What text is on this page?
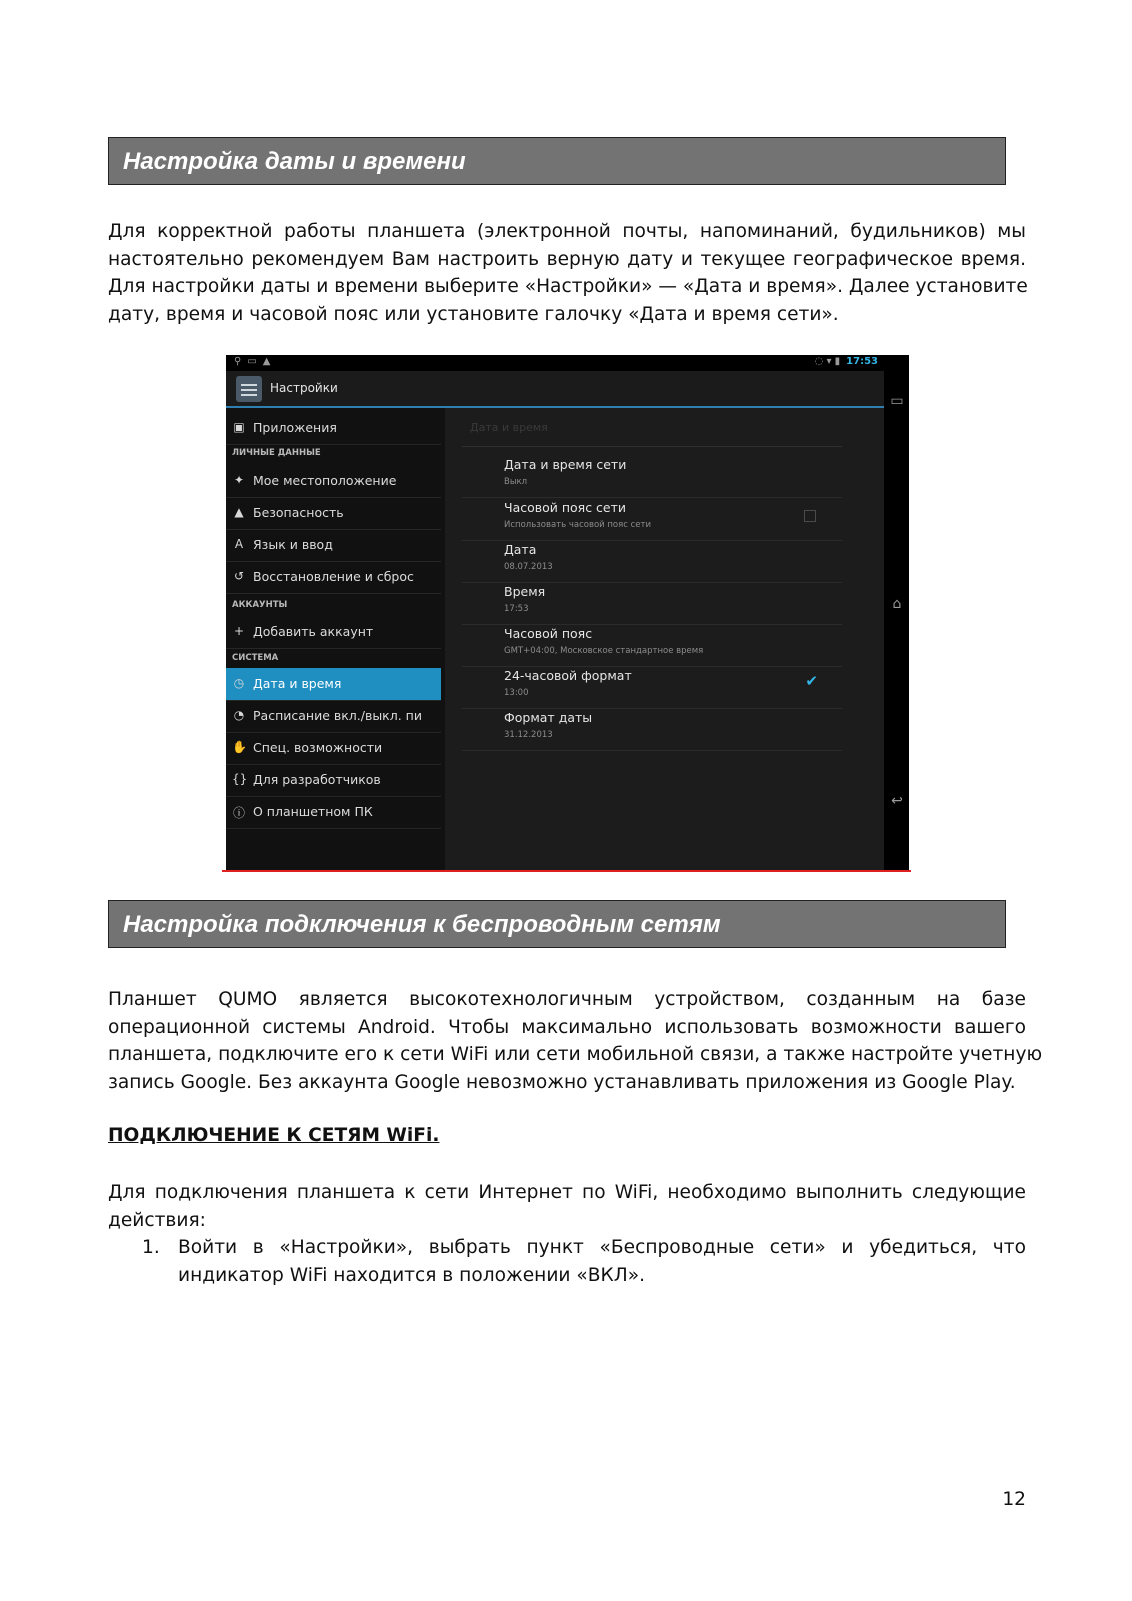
Настройка даты и времени
Для корректной работы планшета (электронной почты, напоминаний, будильников) мы
настоятельно рекомендуем Вам настроить верную дату и текущее географическое время.
Для настройки даты и времени выберите «Настройки» — «Дата и время». Далее установите
дату, время и часовой пояс или установите галочку «Дата и время сети».
⚲▭▲	◌ ▾ ▮ 17:53
Настройки
▣ Приложения
ЛИЧНЫЕ ДАННЫЕ
✦ Мое местоположение
▲ Безопасность
A Язык и ввод
↺ Восстановление и сброс
АККАУНТЫ
+ Добавить аккаунт
СИСТЕМА
◷ Дата и время
◔ Расписание вкл./выкл. пи
✋ Спец. возможности
{} Для разработчиков
ⓘ О планшетном ПК
Дата и время
Дата и время сети
Выкл
Часовой пояс сети
Использовать часовой пояс сети
Дата
08.07.2013
Время
17:53
Часовой пояс
GMT+04:00, Московское стандартное время
24-часовой формат
13:00
✔
Формат даты
31.12.2013
▭
⌂
↩
Настройка подключения к беспроводным сетям
Планшет QUMO является высокотехнологичным устройством, созданным на базе
операционной системы Android. Чтобы максимально использовать возможности вашего
планшета, подключите его к сети WiFi или сети мобильной связи, а также настройте учетную
запись Google. Без аккаунта Google невозможно устанавливать приложения из Google Play.
ПОДКЛЮЧЕНИЕ К СЕТЯМ WiFi.
Для подключения планшета к сети Интернет по WiFi, необходимо выполнить следующие
действия:
1. Войти в «Настройки», выбрать пункт «Беспроводные сети» и убедиться, что
индикатор WiFi находится в положении «ВКЛ».
12
